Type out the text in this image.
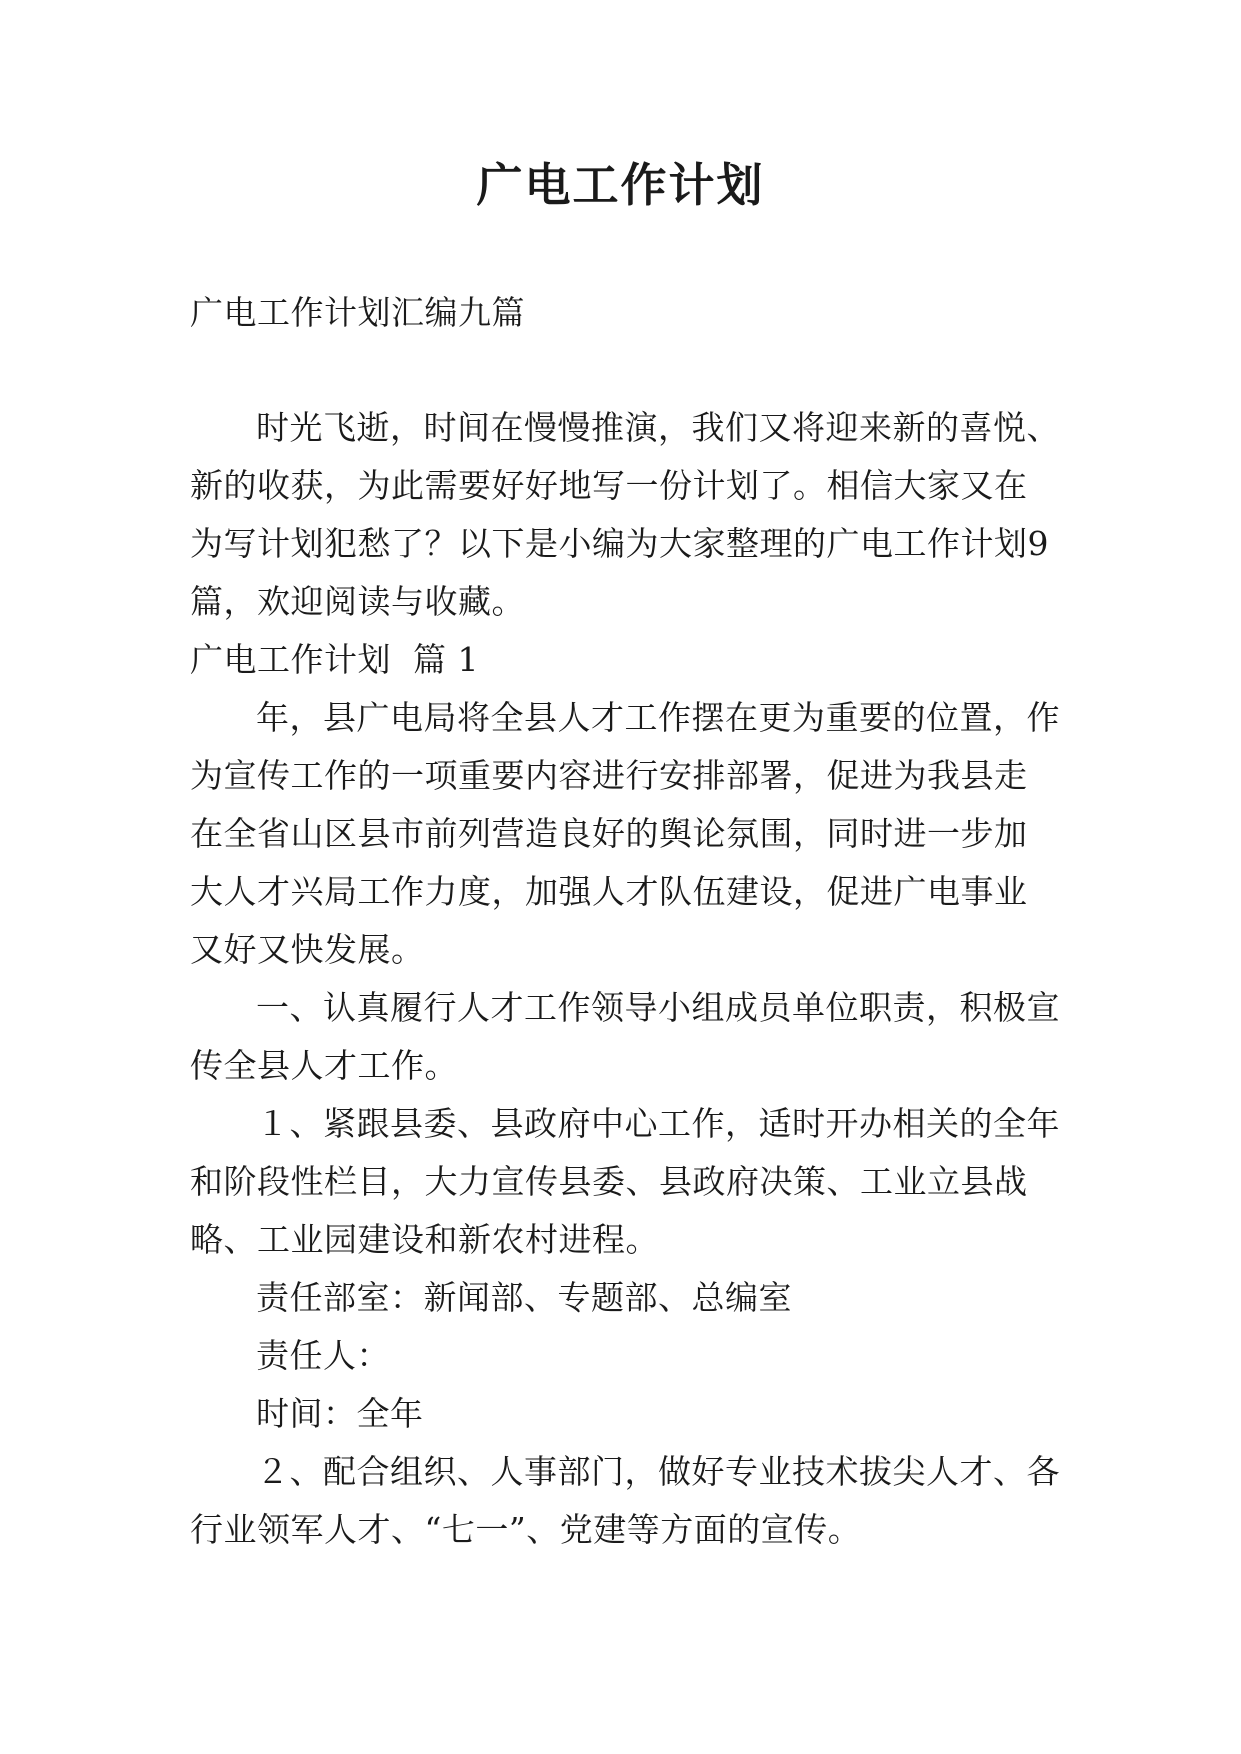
广电工作计划

广电工作计划汇编九篇

时光飞逝，时间在慢慢推演，我们又将迎来新的喜悦、新的收获，为此需要好好地写一份计划了。相信大家又在为写计划犯愁了？以下是小编为大家整理的广电工作计划9篇，欢迎阅读与收藏。

广电工作计划  篇 1

年，县广电局将全县人才工作摆在更为重要的位置，作为宣传工作的一项重要内容进行安排部署，促进为我县走在全省山区县市前列营造良好的舆论氛围，同时进一步加大人才兴局工作力度，加强人才队伍建设，促进广电事业又好又快发展。

一、认真履行人才工作领导小组成员单位职责，积极宣传全县人才工作。

１、紧跟县委、县政府中心工作，适时开办相关的全年和阶段性栏目，大力宣传县委、县政府决策、工业立县战略、工业园建设和新农村进程。

责任部室：新闻部、专题部、总编室

责任人：

时间：全年

２、配合组织、人事部门，做好专业技术拔尖人才、各行业领军人才、“七一”、党建等方面的宣传。
